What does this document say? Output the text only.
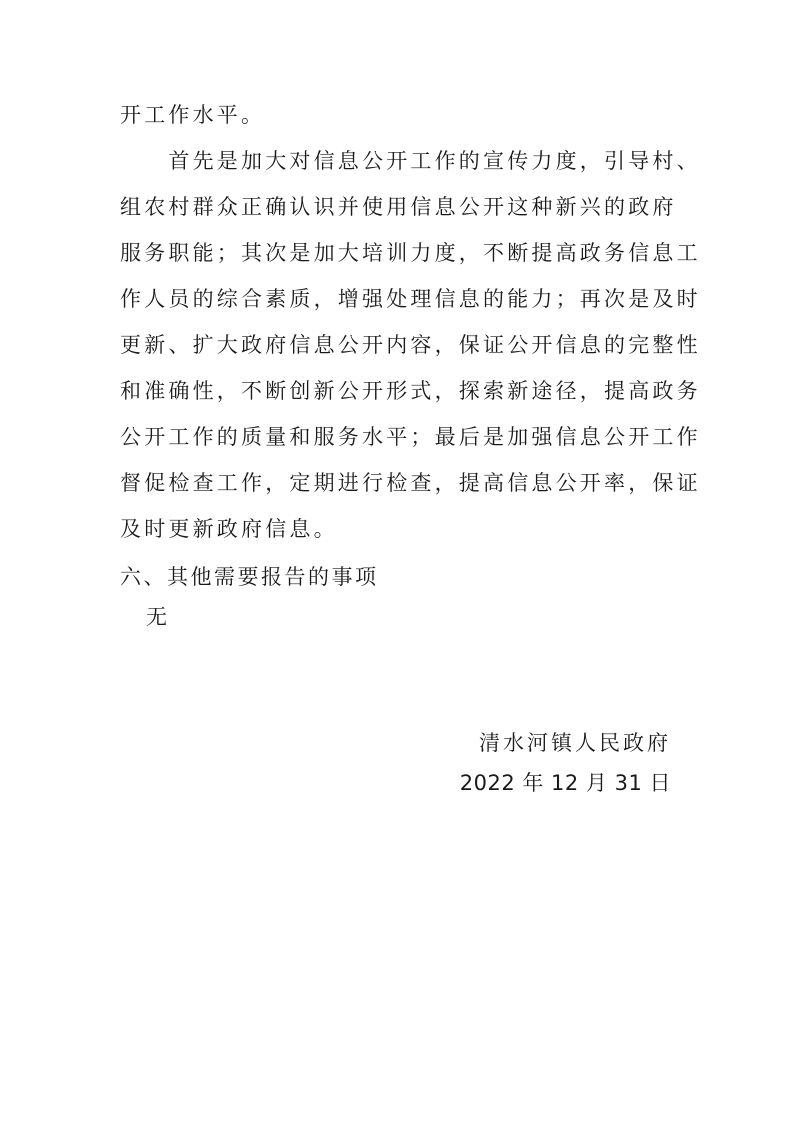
开工作水平。
　　首先是加大对信息公开工作的宣传力度，引导村、
组农村群众正确认识并使用信息公开这种新兴的政府
服务职能；其次是加大培训力度，不断提高政务信息工
作人员的综合素质，增强处理信息的能力；再次是及时
更新、扩大政府信息公开内容，保证公开信息的完整性
和准确性，不断创新公开形式，探索新途径，提高政务
公开工作的质量和服务水平；最后是加强信息公开工作
督促检查工作，定期进行检查，提高信息公开率，保证
及时更新政府信息。
六、其他需要报告的事项
无
清水河镇人民政府
2022 年 12 月 31 日
